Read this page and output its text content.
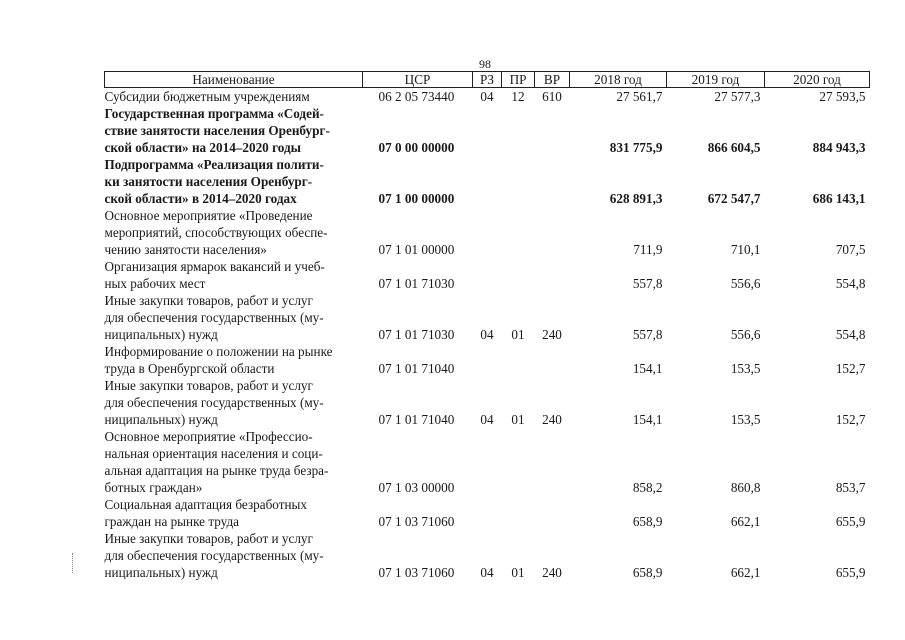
98
Наименование	ЦСР	РЗ	ПР	ВР	2018 год	2019 год	2020 год

Субсидии бюджетным учреждениям	06 2 05 73440	04	12	610	27 561,7	27 577,3	27 593,5

Государственная программа «Содей-
ствие занятости населения Оренбург-
ской области» на 2014–2020 годы	07 0 00 00000				831 775,9	866 604,5	884 943,3

Подпрограмма «Реализация полити-
ки занятости населения Оренбург-
ской области» в 2014–2020 годах	07 1 00 00000				628 891,3	672 547,7	686 143,1

Основное мероприятие «Проведение
мероприятий, способствующих обеспе-
чению занятости населения»	07 1 01 00000				711,9	710,1	707,5

Организация ярмарок вакансий и учеб-
ных рабочих мест	07 1 01 71030				557,8	556,6	554,8

Иные закупки товаров, работ и услуг
для обеспечения государственных (му-
ниципальных) нужд	07 1 01 71030	04	01	240	557,8	556,6	554,8

Информирование о положении на рынке
труда в Оренбургской области	07 1 01 71040				154,1	153,5	152,7

Иные закупки товаров, работ и услуг
для обеспечения государственных (му-
ниципальных) нужд	07 1 01 71040	04	01	240	154,1	153,5	152,7

Основное мероприятие «Профессио-
нальная ориентация населения и соци-
альная адаптация на рынке труда безра-
ботных граждан»	07 1 03 00000				858,2	860,8	853,7

Социальная адаптация безработных
граждан на рынке труда	07 1 03 71060				658,9	662,1	655,9

Иные закупки товаров, работ и услуг
для обеспечения государственных (му-
ниципальных) нужд	07 1 03 71060	04	01	240	658,9	662,1	655,9
